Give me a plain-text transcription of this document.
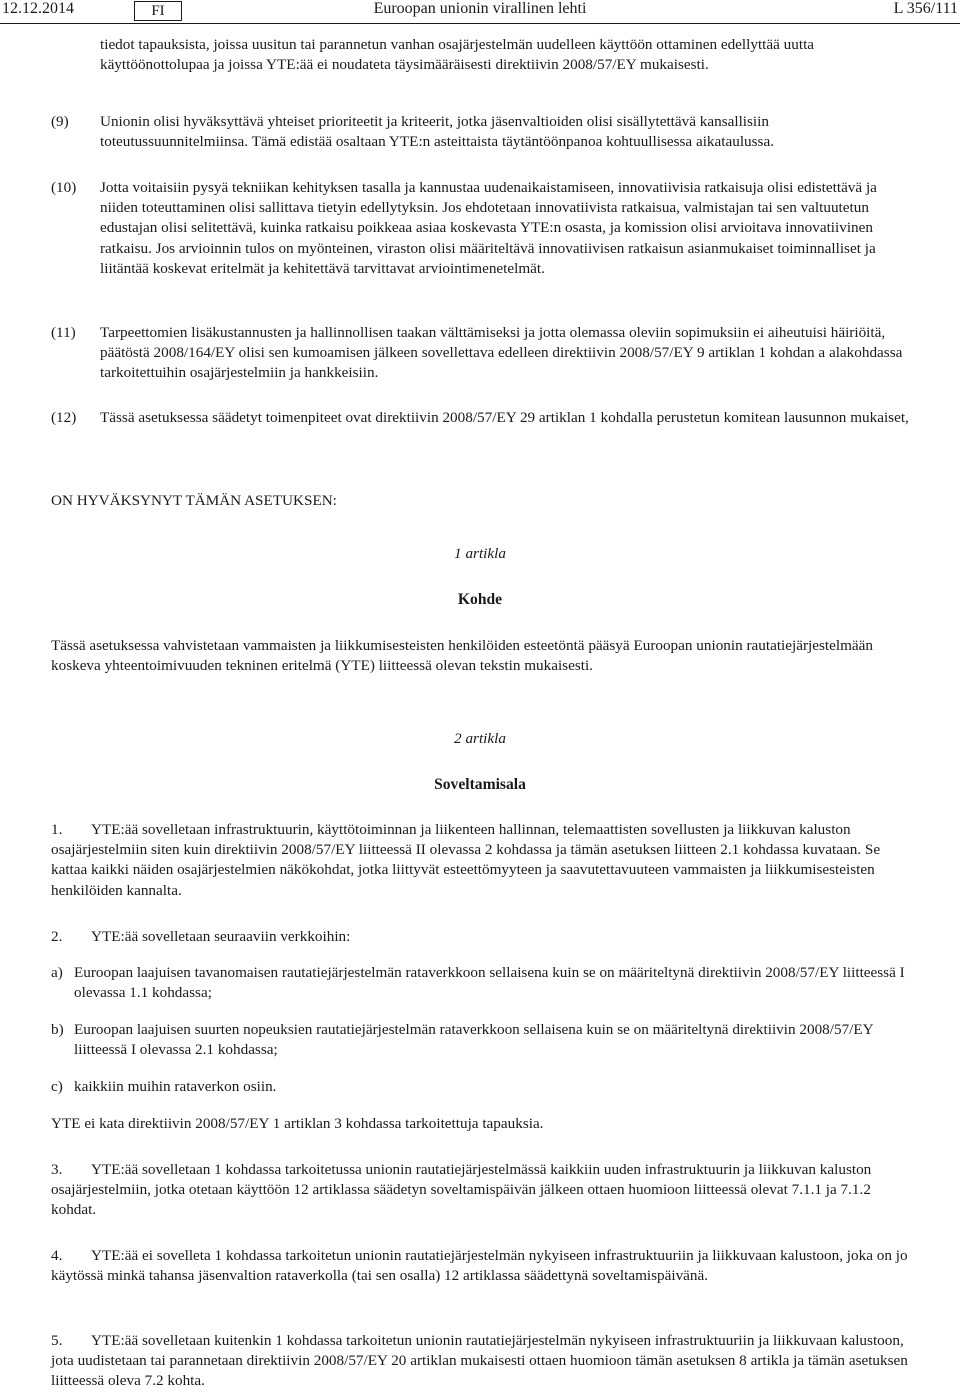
12.12.2014	FI	Euroopan unionin virallinen lehti	L 356/111
tiedot tapauksista, joissa uusitun tai parannetun vanhan osajärjestelmän uudelleen käyttöön ottaminen edellyttää uutta käyttöönottolupaa ja joissa YTE:ää ei noudateta täysimääräisesti direktiivin 2008/57/EY mukaisesti.
(9) Unionin olisi hyväksyttävä yhteiset prioriteetit ja kriteerit, jotka jäsenvaltioiden olisi sisällytettävä kansallisiin toteutussuunnitelmiinsa. Tämä edistää osaltaan YTE:n asteittaista täytäntöönpanoa kohtuullisessa aikataulussa.
(10) Jotta voitaisiin pysyä tekniikan kehityksen tasalla ja kannustaa uudenaikaistamiseen, innovatiivisia ratkaisuja olisi edistettävä ja niiden toteuttaminen olisi sallittava tietyin edellytyksin. Jos ehdotetaan innovatiivista ratkaisua, valmistajan tai sen valtuutetun edustajan olisi selitettävä, kuinka ratkaisu poikkeaa asiaa koskevasta YTE:n osasta, ja komission olisi arvioitava innovatiivinen ratkaisu. Jos arvioinnin tulos on myönteinen, viraston olisi määriteltävä innovatiivisen ratkaisun asianmukaiset toiminnalliset ja liitäntää koskevat eritelmät ja kehitettävä tarvittavat arviointimenetelmät.
(11) Tarpeettomien lisäkustannusten ja hallinnollisen taakan välttämiseksi ja jotta olemassa oleviin sopimuksiin ei aiheutuisi häiriöitä, päätöstä 2008/164/EY olisi sen kumoamisen jälkeen sovellettava edelleen direktiivin 2008/57/EY 9 artiklan 1 kohdan a alakohdassa tarkoitettuihin osajärjestelmiin ja hankkeisiin.
(12) Tässä asetuksessa säädetyt toimenpiteet ovat direktiivin 2008/57/EY 29 artiklan 1 kohdalla perustetun komitean lausunnon mukaiset,
ON HYVÄKSYNYT TÄMÄN ASETUKSEN:
1 artikla
Kohde
Tässä asetuksessa vahvistetaan vammaisten ja liikkumisesteisten henkilöiden esteetöntä pääsyä Euroopan unionin rautatiejärjestelmään koskeva yhteentoimivuuden tekninen eritelmä (YTE) liitteessä olevan tekstin mukaisesti.
2 artikla
Soveltamisala
1.	YTE:ää sovelletaan infrastruktuurin, käyttötoiminnan ja liikenteen hallinnan, telemaattisten sovellusten ja liikkuvan kaluston osajärjestelmiin siten kuin direktiivin 2008/57/EY liitteessä II olevassa 2 kohdassa ja tämän asetuksen liitteen 2.1 kohdassa kuvataan. Se kattaa kaikki näiden osajärjestelmien näkökohdat, jotka liittyvät esteettömyyteen ja saavutettavuuteen vammaisten ja liikkumisesteisten henkilöiden kannalta.
2. YTE:ää sovelletaan seuraaviin verkkoihin:
a) Euroopan laajuisen tavanomaisen rautatiejärjestelmän rataverkkoon sellaisena kuin se on määriteltynä direktiivin 2008/57/EY liitteessä I olevassa 1.1 kohdassa;
b) Euroopan laajuisen suurten nopeuksien rautatiejärjestelmän rataverkkoon sellaisena kuin se on määriteltynä direktiivin 2008/57/EY liitteessä I olevassa 2.1 kohdassa;
c) kaikkiin muihin rataverkon osiin.
YTE ei kata direktiivin 2008/57/EY 1 artiklan 3 kohdassa tarkoitettuja tapauksia.
3.	YTE:ää sovelletaan 1 kohdassa tarkoitetussa unionin rautatiejärjestelmässä kaikkiin uuden infrastruktuurin ja liikkuvan kaluston osajärjestelmiin, jotka otetaan käyttöön 12 artiklassa säädetyn soveltamispäivän jälkeen ottaen huomioon liitteessä olevat 7.1.1 ja 7.1.2 kohdat.
4.	YTE:ää ei sovelleta 1 kohdassa tarkoitetun unionin rautatiejärjestelmän nykyiseen infrastruktuuriin ja liikkuvaan kalustoon, joka on jo käytössä minkä tahansa jäsenvaltion rataverkolla (tai sen osalla) 12 artiklassa säädettynä soveltamispäivänä.
5.	YTE:ää sovelletaan kuitenkin 1 kohdassa tarkoitetun unionin rautatiejärjestelmän nykyiseen infrastruktuuriin ja liikkuvaan kalustoon, jota uudistetaan tai parannetaan direktiivin 2008/57/EY 20 artiklan mukaisesti ottaen huomioon tämän asetuksen 8 artikla ja tämän asetuksen liitteessä oleva 7.2 kohta.
